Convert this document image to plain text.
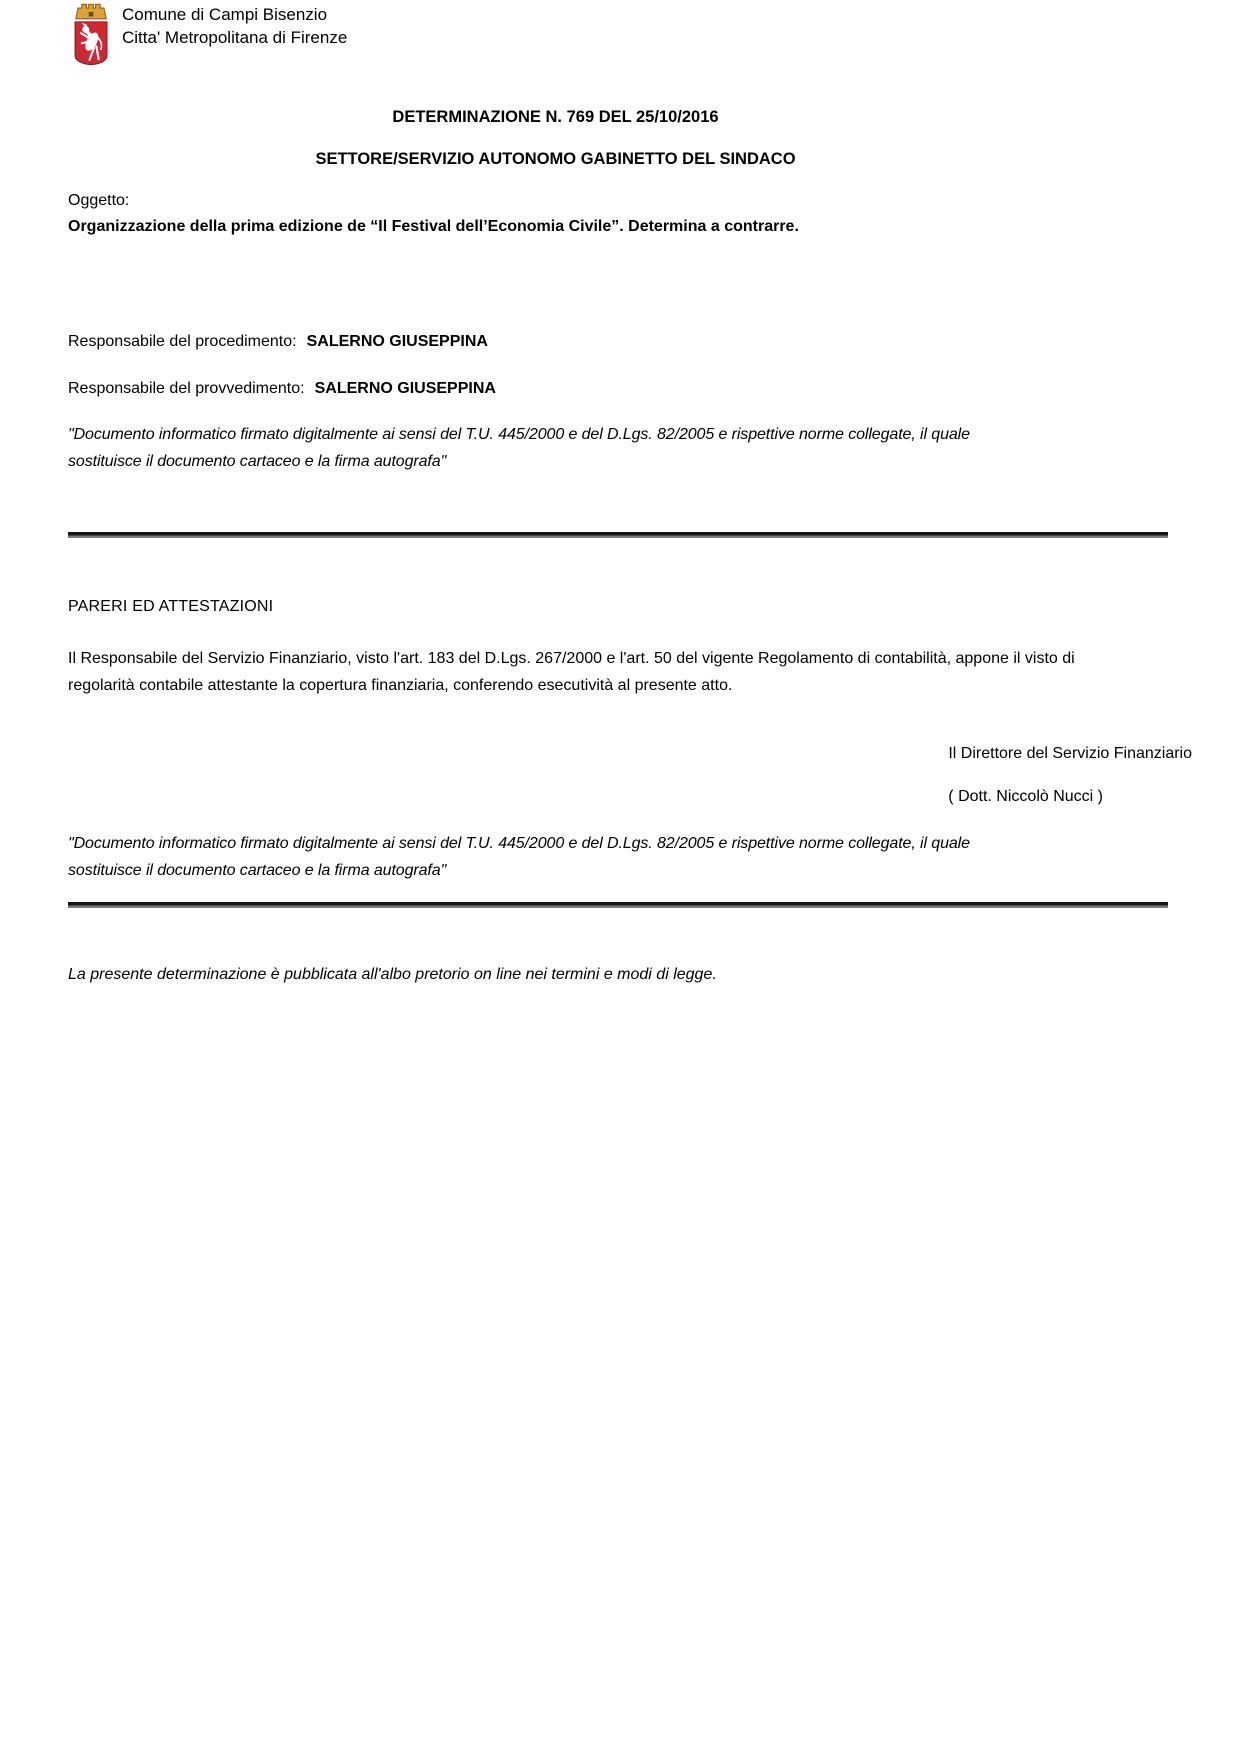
Comune di Campi Bisenzio
Citta' Metropolitana di Firenze
DETERMINAZIONE N. 769 DEL 25/10/2016
SETTORE/SERVIZIO AUTONOMO GABINETTO DEL SINDACO
Oggetto:
Organizzazione della prima edizione de “Il Festival dell’Economia Civile”. Determina a contrarre.
Responsabile del procedimento: SALERNO GIUSEPPINA
Responsabile del provvedimento: SALERNO GIUSEPPINA
"Documento informatico firmato digitalmente ai sensi del T.U. 445/2000 e del D.Lgs. 82/2005 e rispettive norme collegate, il quale sostituisce il documento cartaceo e la firma autografa"
PARERI ED ATTESTAZIONI
Il Responsabile del Servizio Finanziario, visto l'art. 183 del D.Lgs. 267/2000 e l'art. 50 del vigente Regolamento di contabilità, appone il visto di regolarità contabile attestante la copertura finanziaria, conferendo esecutività al presente atto.
Il Direttore del Servizio Finanziario
( Dott. Niccolò Nucci )
"Documento informatico firmato digitalmente ai sensi del T.U. 445/2000 e del D.Lgs. 82/2005 e rispettive norme collegate, il quale sostituisce il documento cartaceo e la firma autografa"
La presente determinazione è pubblicata all'albo pretorio on line nei termini e modi di legge.
